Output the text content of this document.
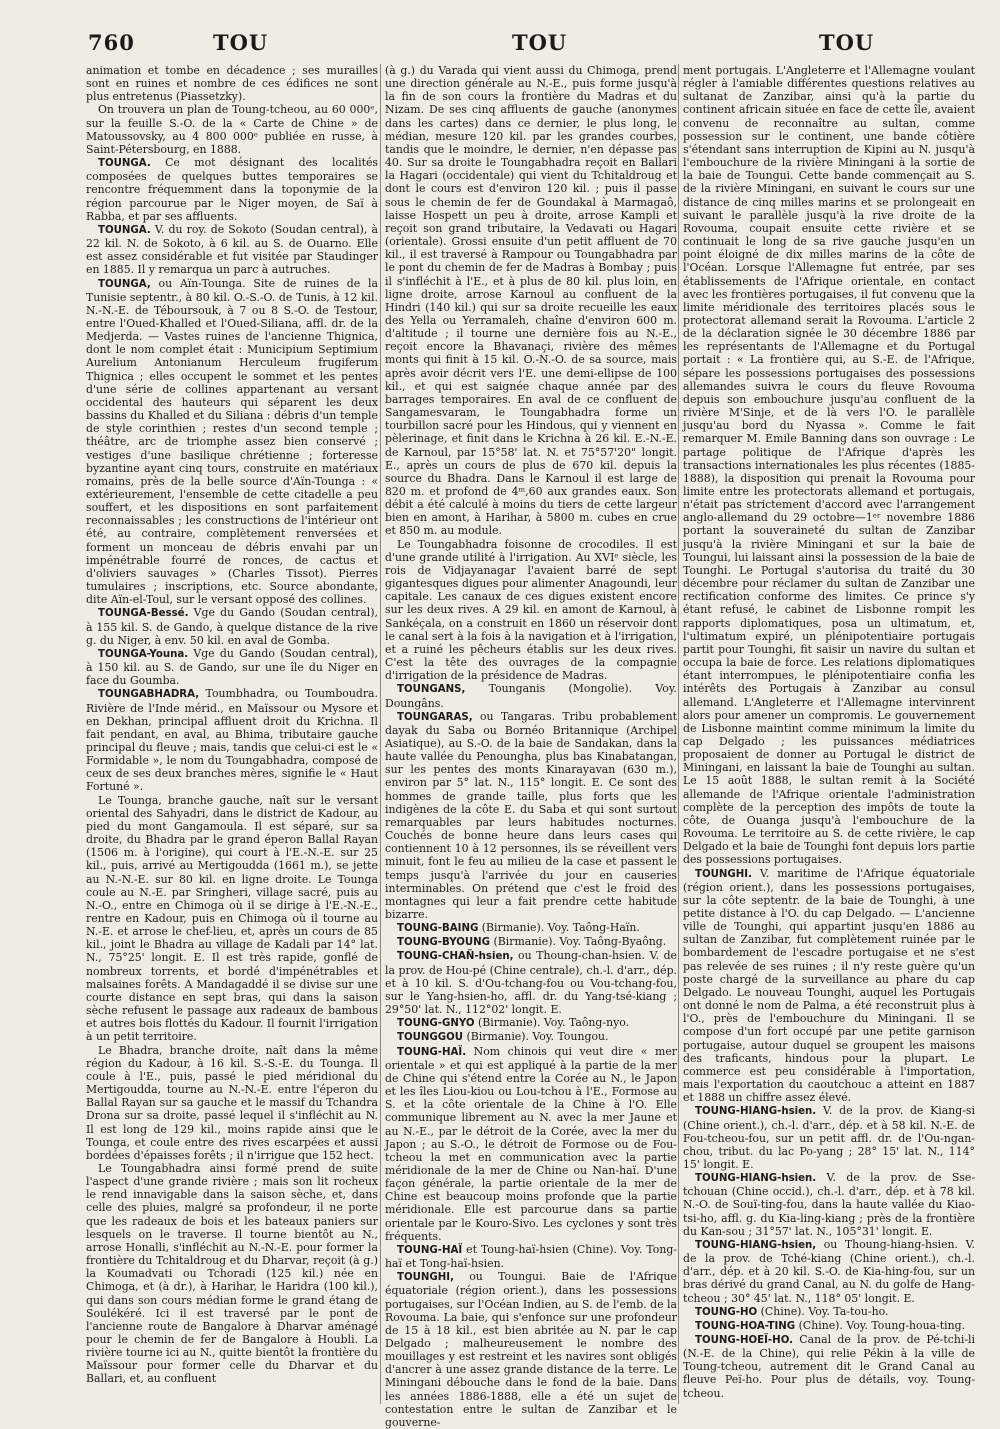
760	TOU	TOU	TOU

animation et tombe en décadence ; ses murailles sont en ruines et nombre de ces édifices ne sont plus entretenus (Piassetzky).

On trouvera un plan de Toung-tcheou, au 60 000ᵉ, sur la feuille S.-O. de la « Carte de Chine » de Matoussovsky, au 4 800 000ᵉ publiée en russe, à Saint-Pétersbourg, en 1888.

TOUNGA. Ce mot désignant des localités composées de quelques buttes temporaires se rencontre fréquemment dans la toponymie de la région parcourue par le Niger moyen, de Saï à Rabba, et par ses affluents.

TOUNGA. V. du roy. de Sokoto (Soudan central), à 22 kil. N. de Sokoto, à 6 kil. au S. de Ouarno. Elle est assez considérable et fut visitée par Staudinger en 1885. Il y remarqua un parc à autruches.

TOUNGA, ou Aïn-Tounga. Site de ruines de la Tunisie septentr., à 80 kil. O.-S.-O. de Tunis, à 12 kil. N.-N.-E. de Téboursouk, à 7 ou 8 S.-O. de Testour, entre l'Oued-Khalled et l'Oued-Siliana, affl. dr. de la Medjerda. — Vastes ruines de l'ancienne Thignica, dont le nom complet était : Municipium Septimium Aurelium Antonianum Herculeum frugiferum Thignica ; elles occupent le sommet et les pentes d'une série de collines appartenant au versant occidental des hauteurs qui séparent les deux bassins du Khalled et du Siliana : débris d'un temple de style corinthien ; restes d'un second temple ; théâtre, arc de triomphe assez bien conservé ; vestiges d'une basilique chrétienne ; forteresse byzantine ayant cinq tours, construite en matériaux romains, près de la belle source d'Aïn-Tounga : « extérieurement, l'ensemble de cette citadelle a peu souffert, et les dispositions en sont parfaitement reconnaissables ; les constructions de l'intérieur ont été, au contraire, complètement renversées et forment un monceau de débris envahi par un impénétrable fourré de ronces, de cactus et d'oliviers sauvages » (Charles Tissot). Pierres tumulaires ; inscriptions, etc. Source abondante, dite Aïn-el-Toul, sur le versant opposé des collines.

TOUNGA-Bessé. Vge du Gando (Soudan central), à 155 kil. S. de Gando, à quelque distance de la rive g. du Niger, à env. 50 kil. en aval de Gomba.

TOUNGA-Youna. Vge du Gando (Soudan central), à 150 kil. au S. de Gando, sur une île du Niger en face du Goumba.

TOUNGABHADRA, Toumbhadra, ou Toumboudra. Rivière de l'Inde mérid., en Maïssour ou Mysore et en Dekhan, principal affluent droit du Krichna. Il fait pendant, en aval, au Bhima, tributaire gauche principal du fleuve ; mais, tandis que celui-ci est le « Formidable », le nom du Toungabhadra, composé de ceux de ses deux branches mères, signifie le « Haut Fortuné ».

Le Tounga, branche gauche, naît sur le versant oriental des Sahyadri, dans le district de Kadour, au pied du mont Gangamoula. Il est séparé, sur sa droite, du Bhadra par le grand éperon Ballal Rayan (1506 m. à l'origine), qui court à l'E.-N.-E. sur 25 kil., puis, arrivé au Mertigoudda (1661 m.), se jette au N.-N.-E. sur 80 kil. en ligne droite. Le Tounga coule au N.-E. par Sringheri, village sacré, puis au N.-O., entre en Chimoga où il se dirige à l'E.-N.-E., rentre en Kadour, puis en Chimoga où il tourne au N.-E. et arrose le chef-lieu, et, après un cours de 85 kil., joint le Bhadra au village de Kadali par 14° lat. N., 75°25' longit. E. Il est très rapide, gonflé de nombreux torrents, et bordé d'impénétrables et malsaines forêts. A Mandagaddé il se divise sur une courte distance en sept bras, qui dans la saison sèche refusent le passage aux radeaux de bambous et autres bois flottés du Kadour. Il fournit l'irrigation à un petit territoire.

Le Bhadra, branche droite, naît dans la même région du Kadour, à 16 kil. S.-S.-E. du Tounga. Il coule à l'E., puis, passé le pied méridional du Mertigoudda, tourne au N.-N.-E. entre l'éperon du Ballal Rayan sur sa gauche et le massif du Tchandra Drona sur sa droite, passé lequel il s'infléchit au N. Il est long de 129 kil., moins rapide ainsi que le Tounga, et coule entre des rives escarpées et aussi bordées d'épaisses forêts ; il n'irrigue que 152 hect.

Le Toungabhadra ainsi formé prend de suite l'aspect d'une grande rivière ; mais son lit rocheux le rend innavigable dans la saison sèche, et, dans celle des pluies, malgré sa profondeur, il ne porte que les radeaux de bois et les bateaux paniers sur lesquels on le traverse. Il tourne bientôt au N., arrose Honalli, s'infléchit au N.-N.-E. pour former la frontière du Tchitaldroug et du Dharvar, reçoit (à g.) la Koumadvati ou Tchoradi (125 kil.) née en Chimoga, et (à dr.), à Harihar, le Haridra (100 kil.), qui dans son cours médian forme le grand étang de Soulékéré. Ici il est traversé par le pont de l'ancienne route de Bangalore à Dharvar aménagé pour le chemin de fer de Bangalore à Houbli. La rivière tourne ici au N., quitte bientôt la frontière du Maïssour pour former celle du Dharvar et du Ballari, et, au confluent

(à g.) du Varada qui vient aussi du Chimoga, prend une direction générale au N.-E., puis forme jusqu'à la fin de son cours la frontière du Madras et du Nizam. De ses cinq affluents de gauche (anonymes dans les cartes) dans ce dernier, le plus long, le médian, mesure 120 kil. par les grandes courbes, tandis que le moindre, le dernier, n'en dépasse pas 40. Sur sa droite le Toungabhadra reçoit en Ballari la Hagari (occidentale) qui vient du Tchitaldroug et dont le cours est d'environ 120 kil. ; puis il passe sous le chemin de fer de Goundakal à Marmagaô, laisse Hospett un peu à droite, arrose Kampli et reçoit son grand tributaire, la Vedavati ou Hagari (orientale). Grossi ensuite d'un petit affluent de 70 kil., il est traversé à Rampour ou Toungabhadra par le pont du chemin de fer de Madras à Bombay ; puis il s'infléchit à l'E., et à plus de 80 kil. plus loin, en ligne droite, arrose Karnoul au confluent de la Hindri (140 kil.) qui sur sa droite recueille les eaux des Yella ou Yerramaleh, chaîne d'environ 600 m. d'altitude ; il tourne une dernière fois au N.-E., reçoit encore la Bhavanaçi, rivière des mêmes monts qui finit à 15 kil. O.-N.-O. de sa source, mais après avoir décrit vers l'E. une demi-ellipse de 100 kil., et qui est saignée chaque année par des barrages temporaires. En aval de ce confluent de Sangamesvaram, le Toungabhadra forme un tourbillon sacré pour les Hindous, qui y viennent en pèlerinage, et finit dans le Krichna à 26 kil. E.-N.-E. de Karnoul, par 15°58' lat. N. et 75°57'20" longit. E., après un cours de plus de 670 kil. depuis la source du Bhadra. Dans le Karnoul il est large de 820 m. et profond de 4ᵐ,60 aux grandes eaux. Son débit a été calculé à moins du tiers de cette largeur bien en amont, à Harihar, à 5800 m. cubes en crue et 850 m. au module.

Le Toungabhadra foisonne de crocodiles. Il est d'une grande utilité à l'irrigation. Au XVIᵉ siècle, les rois de Vidjayanagar l'avaient barré de sept gigantesques digues pour alimenter Anagoundi, leur capitale. Les canaux de ces digues existent encore sur les deux rives. A 29 kil. en amont de Karnoul, à Sankéçala, on a construit en 1860 un réservoir dont le canal sert à la fois à la navigation et à l'irrigation, et a ruiné les pêcheurs établis sur les deux rives. C'est la tête des ouvrages de la compagnie d'irrigation de la présidence de Madras.

TOUNGANS, Tounganis (Mongolie). Voy. Doungâns.

TOUNGARAS, ou Tangaras. Tribu probablement dayak du Saba ou Bornéo Britannique (Archipel Asiatique), au S.-O. de la baie de Sandakan, dans la haute vallée du Penoungha, plus bas Kinabatangan, sur les pentes des monts Kinarayavan (630 m.), environ par 5° lat. N., 115° longit. E. Ce sont des hommes de grande taille, plus forts que les indigènes de la côte E. du Saba et qui sont surtout remarquables par leurs habitudes nocturnes. Couchés de bonne heure dans leurs cases qui contiennent 10 à 12 personnes, ils se réveillent vers minuit, font le feu au milieu de la case et passent le temps jusqu'à l'arrivée du jour en causeries interminables. On prétend que c'est le froid des montagnes qui leur a fait prendre cette habitude bizarre.

TOUNG-BAING (Birmanie). Voy. Taông-Haïn.

TOUNG-BYOUNG (Birmanie). Voy. Taông-Byaông.

TOUNG-CHAÑ-hsien, ou Thoung-chan-hsien. V. de la prov. de Hou-pé (Chine centrale), ch.-l. d'arr., dép. et à 10 kil. S. d'Ou-tchang-fou ou Vou-tchang-fou, sur le Yang-hsien-ho, affl. dr. du Yang-tsé-kiang ; 29°50' lat. N., 112°02' longit. E.

TOUNG-GNYO (Birmanie). Voy. Taông-nyo.

TOUNGGOU (Birmanie). Voy. Toungou.

TOUNG-HAÏ. Nom chinois qui veut dire « mer orientale » et qui est appliqué à la partie de la mer de Chine qui s'étend entre la Corée au N., le Japon et les îles Liou-kiou ou Lou-tchou à l'E., Formose au S. et la côte orientale de la Chine à l'O. Elle communique librement au N. avec la mer Jaune et au N.-E., par le détroit de la Corée, avec la mer du Japon ; au S.-O., le détroit de Formose ou de Fou-tcheou la met en communication avec la partie méridionale de la mer de Chine ou Nan-haï. D'une façon générale, la partie orientale de la mer de Chine est beaucoup moins profonde que la partie méridionale. Elle est parcourue dans sa partie orientale par le Kouro-Sivo. Les cyclones y sont très fréquents.

TOUNG-HAÏ et Toung-haï-hsien (Chine). Voy. Tong-haï et Tong-haï-hsien.

TOUNGHI, ou Toungui. Baie de l'Afrique équatoriale (région orient.), dans les possessions portugaises, sur l'Océan Indien, au S. de l'emb. de la Rovouma. La baie, qui s'enfonce sur une profondeur de 15 à 18 kil., est bien abritée au N. par le cap Delgado ; malheureusement le nombre des mouillages y est restreint et les navires sont obligés d'ancrer à une assez grande distance de la terre. Le Miningani débouche dans le fond de la baie. Dans les années 1886-1888, elle a été un sujet de contestation entre le sultan de Zanzibar et le gouverne-

ment portugais. L'Angleterre et l'Allemagne voulant régler à l'amiable différentes questions relatives au sultanat de Zanzibar, ainsi qu'à la partie du continent africain située en face de cette île, avaient convenu de reconnaître au sultan, comme possession sur le continent, une bande côtière s'étendant sans interruption de Kipini au N. jusqu'à l'embouchure de la rivière Miningani à la sortie de la baie de Toungui. Cette bande commençait au S. de la rivière Miningani, en suivant le cours sur une distance de cinq milles marins et se prolongeait en suivant le parallèle jusqu'à la rive droite de la Rovouma, coupait ensuite cette rivière et se continuait le long de sa rive gauche jusqu'en un point éloigné de dix milles marins de la côte de l'Océan. Lorsque l'Allemagne fut entrée, par ses établissements de l'Afrique orientale, en contact avec les frontières portugaises, il fut convenu que la limite méridionale des territoires placés sous le protectorat allemand serait la Rovouma. L'article 2 de la déclaration signée le 30 décembre 1886 par les représentants de l'Allemagne et du Portugal portait : « La frontière qui, au S.-E. de l'Afrique, sépare les possessions portugaises des possessions allemandes suivra le cours du fleuve Rovouma depuis son embouchure jusqu'au confluent de la rivière M'Sinje, et de là vers l'O. le parallèle jusqu'au bord du Nyassa ». Comme le fait remarquer M. Emile Banning dans son ouvrage : Le partage politique de l'Afrique d'après les transactions internationales les plus récentes (1885-1888), la disposition qui prenait la Rovouma pour limite entre les protectorats allemand et portugais, n'était pas strictement d'accord avec l'arrangement anglo-allemand du 29 octobre—1ᵉʳ novembre 1886 portant la souveraineté du sultan de Zanzibar jusqu'à la rivière Miningani et sur la baie de Toungui, lui laissant ainsi la possession de la baie de Tounghi. Le Portugal s'autorisa du traité du 30 décembre pour réclamer du sultan de Zanzibar une rectification conforme des limites. Ce prince s'y étant refusé, le cabinet de Lisbonne rompit les rapports diplomatiques, posa un ultimatum, et, l'ultimatum expiré, un plénipotentiaire portugais partit pour Tounghi, fit saisir un navire du sultan et occupa la baie de force. Les relations diplomatiques étant interrompues, le plénipotentiaire confia les intérêts des Portugais à Zanzibar au consul allemand. L'Angleterre et l'Allemagne intervinrent alors pour amener un compromis. Le gouvernement de Lisbonne maintint comme minimum la limite du cap Delgado ; les puissances médiatrices proposaient de donner au Portugal le district de Miningani, en laissant la baie de Tounghi au sultan. Le 15 août 1888, le sultan remit à la Société allemande de l'Afrique orientale l'administration complète de la perception des impôts de toute la côte, de Ouanga jusqu'à l'embouchure de la Rovouma. Le territoire au S. de cette rivière, le cap Delgado et la baie de Tounghi font depuis lors partie des possessions portugaises.

TOUNGHI. V. maritime de l'Afrique équatoriale (région orient.), dans les possessions portugaises, sur la côte septentr. de la baie de Tounghi, à une petite distance à l'O. du cap Delgado. — L'ancienne ville de Tounghi, qui appartint jusqu'en 1886 au sultan de Zanzibar, fut complètement ruinée par le bombardement de l'escadre portugaise et ne s'est pas relevée de ses ruines ; il n'y reste guère qu'un poste chargé de la surveillance au phare du cap Delgado. Le nouveau Tounghi, auquel les Portugais ont donné le nom de Palma, a été reconstruit plus à l'O., près de l'embouchure du Miningani. Il se compose d'un fort occupé par une petite garnison portugaise, autour duquel se groupent les maisons des traficants, hindous pour la plupart. Le commerce est peu considérable à l'importation, mais l'exportation du caoutchouc a atteint en 1887 et 1888 un chiffre assez élevé.

TOUNG-HIANG-hsien. V. de la prov. de Kiang-si (Chine orient.), ch.-l. d'arr., dép. et à 58 kil. N.-E. de Fou-tcheou-fou, sur un petit affl. dr. de l'Ou-ngan-chou, tribut. du lac Po-yang ; 28° 15' lat. N., 114° 15' longit. E.

TOUNG-HIANG-hsien. V. de la prov. de Sse-tchouan (Chine occid.), ch.-l. d'arr., dép. et à 78 kil. N.-O. de Souï-ting-fou, dans la haute vallée du Kiao-tsi-ho, affl. g. du Kia-ling-kiang ; près de la frontière du Kan-sou ; 31°57' lat. N., 105°31' longit. E.

TOUNG-HIANG-hsien, ou Thoung-hiang-hsien. V. de la prov. de Tché-kiang (Chine orient.), ch.-l. d'arr., dép. et à 20 kil. S.-O. de Kia-hing-fou, sur un bras dérivé du grand Canal, au N. du golfe de Hang-tcheou ; 30° 45' lat. N., 118° 05' longit. E.

TOUNG-HO (Chine). Voy. Ta-tou-ho.

TOUNG-HOA-TING (Chine). Voy. Toung-houa-ting.

TOUNG-HOEÏ-HO. Canal de la prov. de Pé-tchi-li (N.-E. de la Chine), qui relie Pékin à la ville de Toung-tcheou, autrement dit le Grand Canal au fleuve Peï-ho. Pour plus de détails, voy. Toung-tcheou.
